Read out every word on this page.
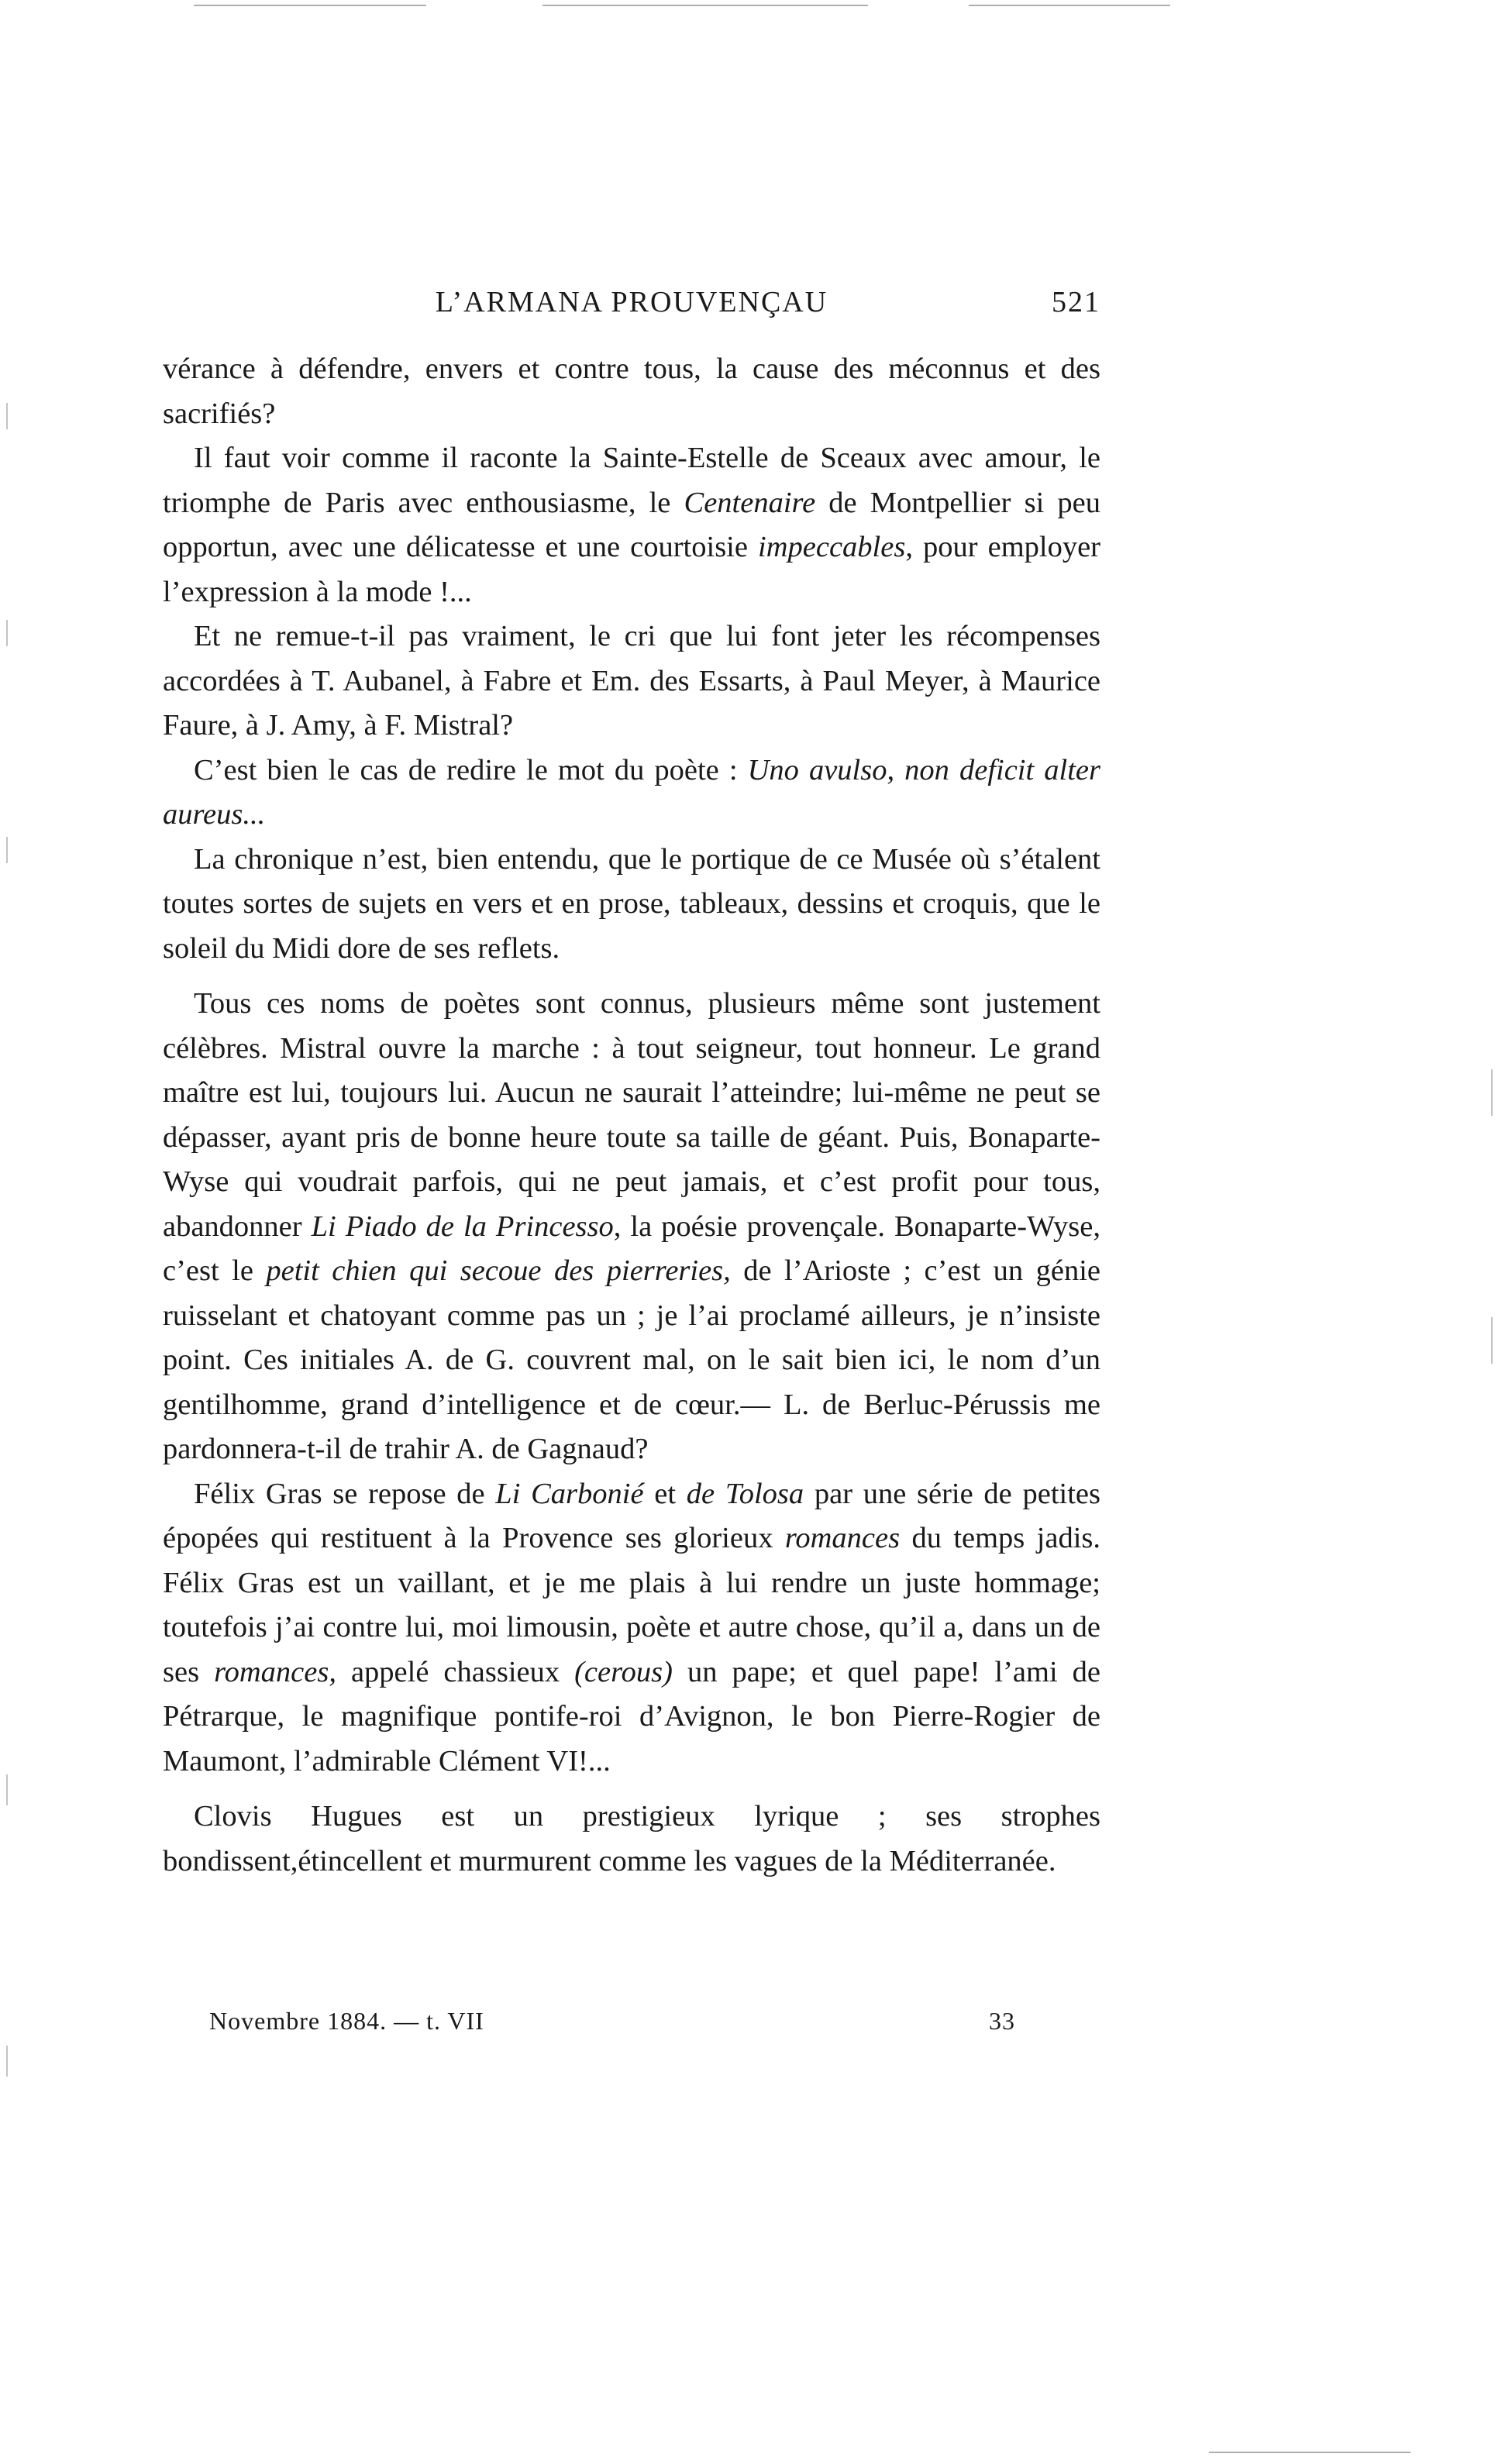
L’ARMANA PROUVENÇAU	521

vérance à défendre, envers et contre tous, la cause des méconnus et des sacrifiés?

Il faut voir comme il raconte la Sainte-Estelle de Sceaux avec amour, le triomphe de Paris avec enthousiasme, le Centenaire de Montpellier si peu opportun, avec une délicatesse et une courtoisie impeccables, pour employer l’expression à la mode !...

Et ne remue-t-il pas vraiment, le cri que lui font jeter les récompenses accordées à T. Aubanel, à Fabre et Em. des Essarts, à Paul Meyer, à Maurice Faure, à J. Amy, à F. Mistral?

C’est bien le cas de redire le mot du poète : Uno avulso, non deficit alter aureus...

La chronique n’est, bien entendu, que le portique de ce Musée où s’étalent toutes sortes de sujets en vers et en prose, tableaux, dessins et croquis, que le soleil du Midi dore de ses reflets.

Tous ces noms de poètes sont connus, plusieurs même sont justement célèbres. Mistral ouvre la marche : à tout seigneur, tout honneur. Le grand maître est lui, toujours lui. Aucun ne saurait l’atteindre; lui-même ne peut se dépasser, ayant pris de bonne heure toute sa taille de géant. Puis, Bonaparte-Wyse qui voudrait parfois, qui ne peut jamais, et c’est profit pour tous, abandonner Li Piado de la Princesso, la poésie provençale. Bonaparte-Wyse, c’est le petit chien qui secoue des pierreries, de l’Arioste ; c’est un génie ruisselant et chatoyant comme pas un ; je l’ai proclamé ailleurs, je n’insiste point. Ces initiales A. de G. couvrent mal, on le sait bien ici, le nom d’un gentilhomme, grand d’intelligence et de cœur.— L. de Berluc-Pérussis me pardonnera-t-il de trahir A. de Gagnaud?

Félix Gras se repose de Li Carbonié et de Tolosa par une série de petites épopées qui restituent à la Provence ses glorieux romances du temps jadis. Félix Gras est un vaillant, et je me plais à lui rendre un juste hommage; toutefois j’ai contre lui, moi limousin, poète et autre chose, qu’il a, dans un de ses romances, appelé chassieux (cerous) un pape; et quel pape! l’ami de Pétrarque, le magnifique pontife-roi d’Avignon, le bon Pierre-Rogier de Maumont, l’admirable Clément VI!...

Clovis Hugues est un prestigieux lyrique ; ses strophes bondissent,étincellent et murmurent comme les vagues de la Méditerranée.

Novembre 1884. — t. VII	33
